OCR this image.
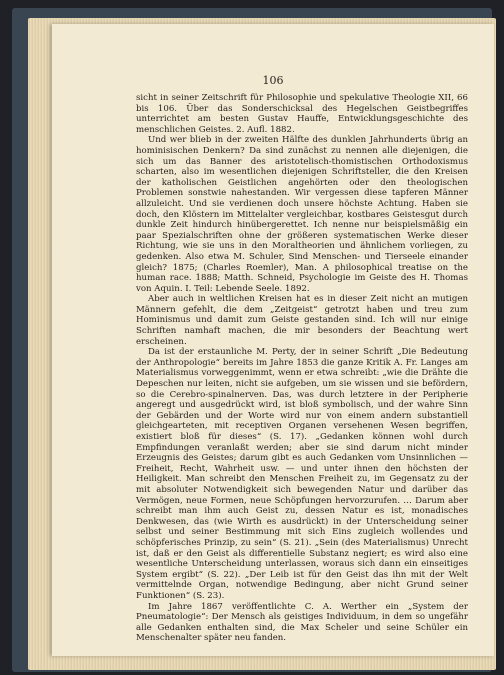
106

sicht in seiner Zeitschrift für Philosophie und spekulative Theologie XII, 66 bis 106. Über das Sonderschicksal des Hegelschen Geistbegriffes unterrichtet am besten Gustav Hauffe, Entwicklungsgeschichte des menschlichen Geistes. 2. Aufl. 1882.

Und wer blieb in der zweiten Hälfte des dunklen Jahrhunderts übrig an hominisischen Denkern? Da sind zunächst zu nennen alle diejenigen, die sich um das Banner des aristotelisch-thomistischen Orthodoxismus scharten, also im wesentlichen diejenigen Schriftsteller, die den Kreisen der katholischen Geistlichen angehörten oder den theologischen Problemen sonstwie nahestanden. Wir vergessen diese tapferen Männer allzuleicht. Und sie verdienen doch unsere höchste Achtung. Haben sie doch, den Klöstern im Mittelalter vergleichbar, kostbares Geistesgut durch dunkle Zeit hindurch hinübergerettet. Ich nenne nur beispielsmäßig ein paar Spezialschriften ohne der größeren systematischen Werke dieser Richtung, wie sie uns in den Moraltheorien und ähnlichem vorliegen, zu gedenken. Also etwa M. Schuler, Sind Menschen- und Tierseele einander gleich? 1875; (Charles Roemler), Man. A philosophical treatise on the human race. 1888; Matth. Schneid, Psychologie im Geiste des H. Thomas von Aquin. I. Teil: Lebende Seele. 1892.

Aber auch in weltlichen Kreisen hat es in dieser Zeit nicht an mutigen Männern gefehlt, die dem „Zeitgeist“ getrotzt haben und treu zum Hominismus und damit zum Geiste gestanden sind. Ich will nur einige Schriften namhaft machen, die mir besonders der Beachtung wert erscheinen.

Da ist der erstaunliche M. Perty, der in seiner Schrift „Die Bedeutung der Anthropologie“ bereits im Jahre 1853 die ganze Kritik A. Fr. Langes am Materialismus vorweggenimmt, wenn er etwa schreibt: „wie die Drähte die Depeschen nur leiten, nicht sie aufgeben, um sie wissen und sie befördern, so die Cerebro-spinalnerven. Das, was durch letztere in der Peripherie angeregt und ausgedrückt wird, ist bloß symbolisch, und der wahre Sinn der Gebärden und der Worte wird nur von einem andern substantiell gleichgearteten, mit receptiven Organen versehenen Wesen begriffen, existiert bloß für dieses“ (S. 17). „Gedanken können wohl durch Empfindungen veranlaßt werden; aber sie sind darum nicht minder Erzeugnis des Geistes; darum gibt es auch Gedanken vom Unsinnlichen — Freiheit, Recht, Wahrheit usw. — und unter ihnen den höchsten der Heiligkeit. Man schreibt den Menschen Freiheit zu, im Gegensatz zu der mit absoluter Notwendigkeit sich bewegenden Natur und darüber das Vermögen, neue Formen, neue Schöpfungen hervorzurufen. … Darum aber schreibt man ihm auch Geist zu, dessen Natur es ist, monadisches Denkwesen, das (wie Wirth es ausdrückt) in der Unterscheidung seiner selbst und seiner Bestimmung mit sich Eins zugleich wollendes und schöpferisches Prinzip, zu sein“ (S. 21). „Sein (des Materialismus) Unrecht ist, daß er den Geist als differentielle Substanz negiert; es wird also eine wesentliche Unterscheidung unterlassen, woraus sich dann ein einseitiges System ergibt“ (S. 22). „Der Leib ist für den Geist das ihn mit der Welt vermittelnde Organ, notwendige Bedingung, aber nicht Grund seiner Funktionen“ (S. 23).

Im Jahre 1867 veröffentlichte C. A. Werther ein „System der Pneumatologie“: Der Mensch als geistiges Individuum, in dem so ungefähr alle Gedanken enthalten sind, die Max Scheler und seine Schüler ein Menschenalter später neu fanden.
